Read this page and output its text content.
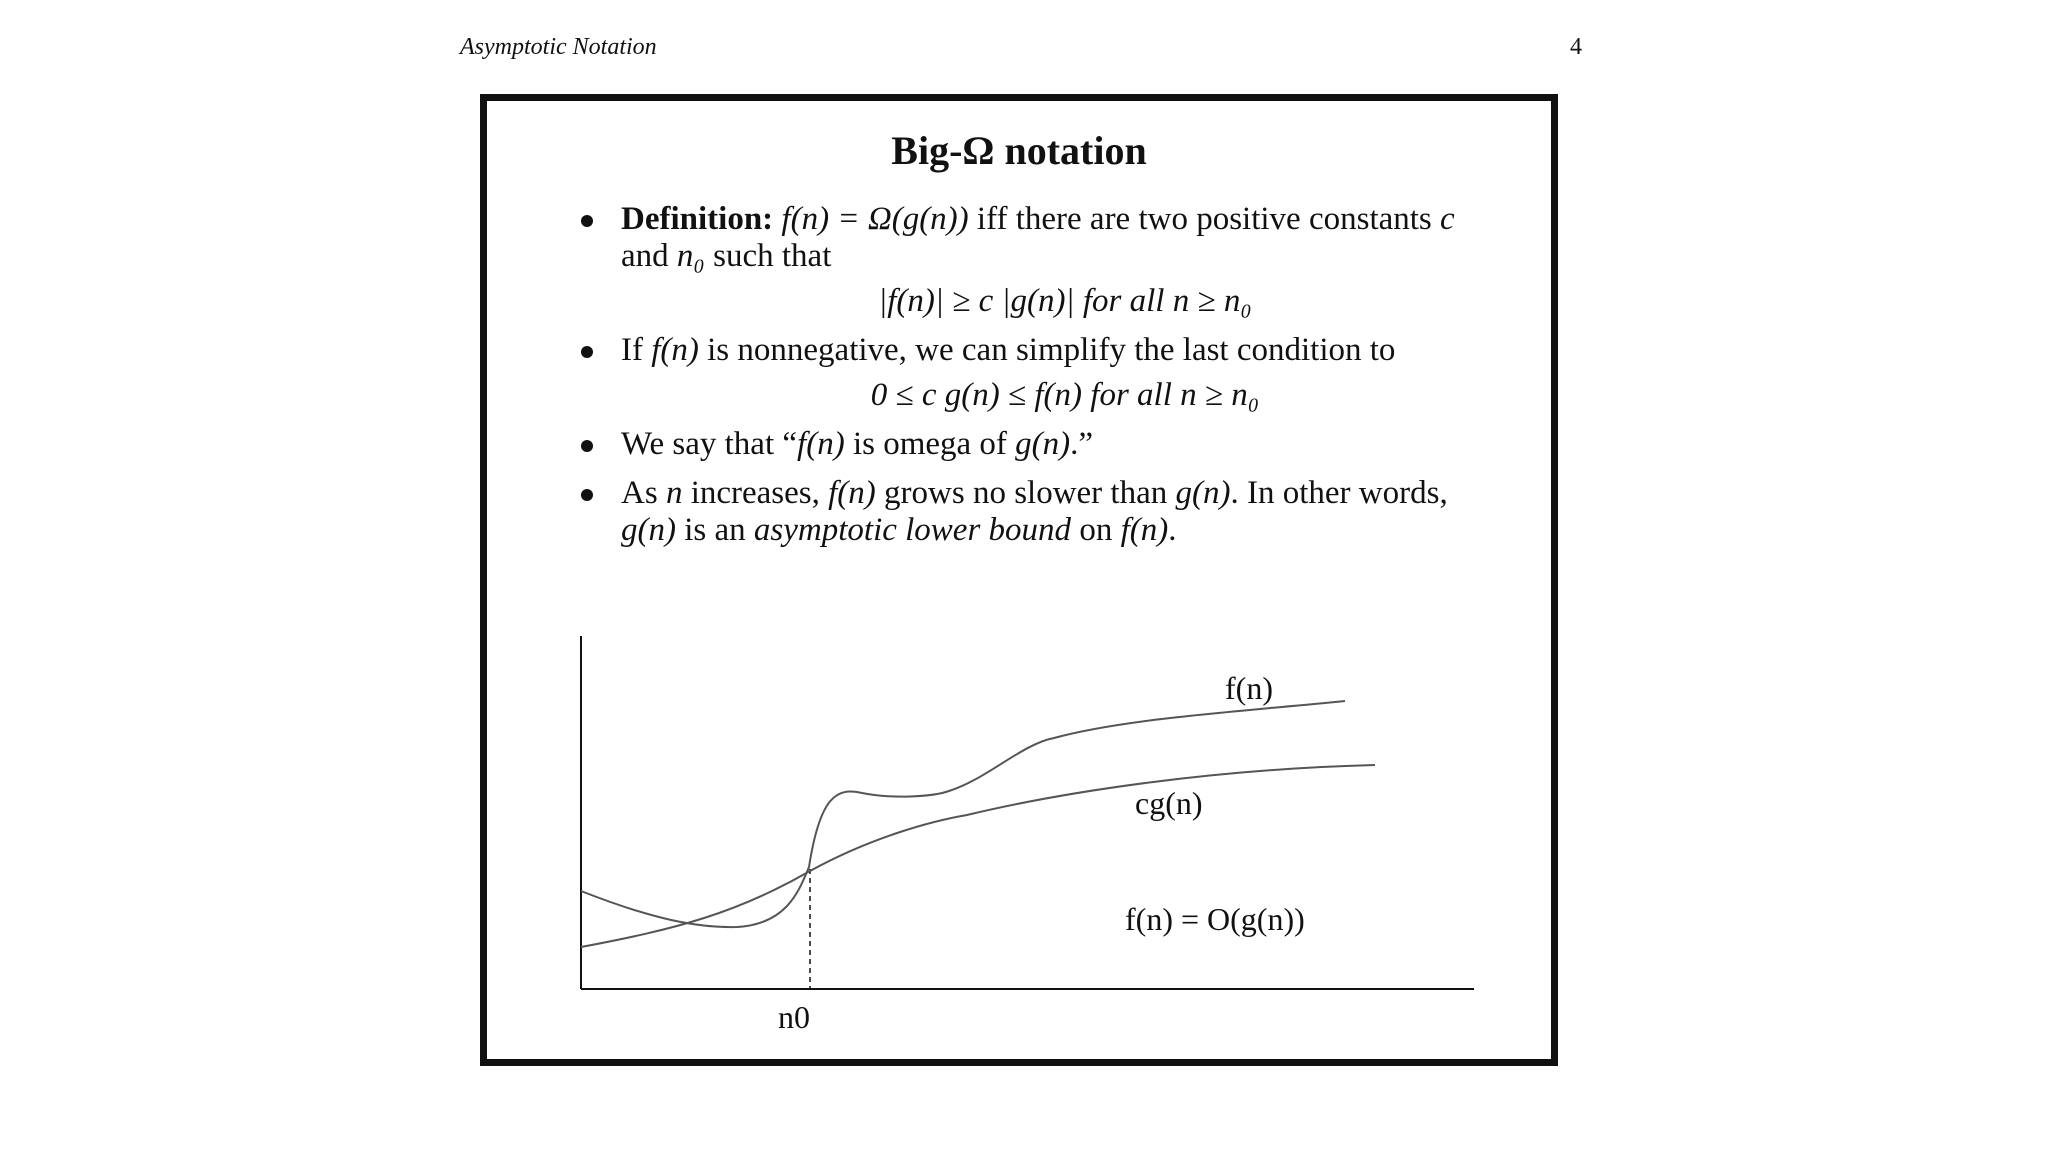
Asymptotic Notation	4
Big-Ω notation
Definition: f(n) = Ω(g(n)) iff there are two positive constants c and n₀ such that
|f(n)| ≥ c |g(n)| for all n ≥ n₀
If f(n) is nonnegative, we can simplify the last condition to
0 ≤ c g(n) ≤ f(n) for all n ≥ n₀
We say that “f(n) is omega of g(n).”
As n increases, f(n) grows no slower than g(n). In other words, g(n) is an asymptotic lower bound on f(n).
f(n)
cg(n)
f(n) = O(g(n))
n0
